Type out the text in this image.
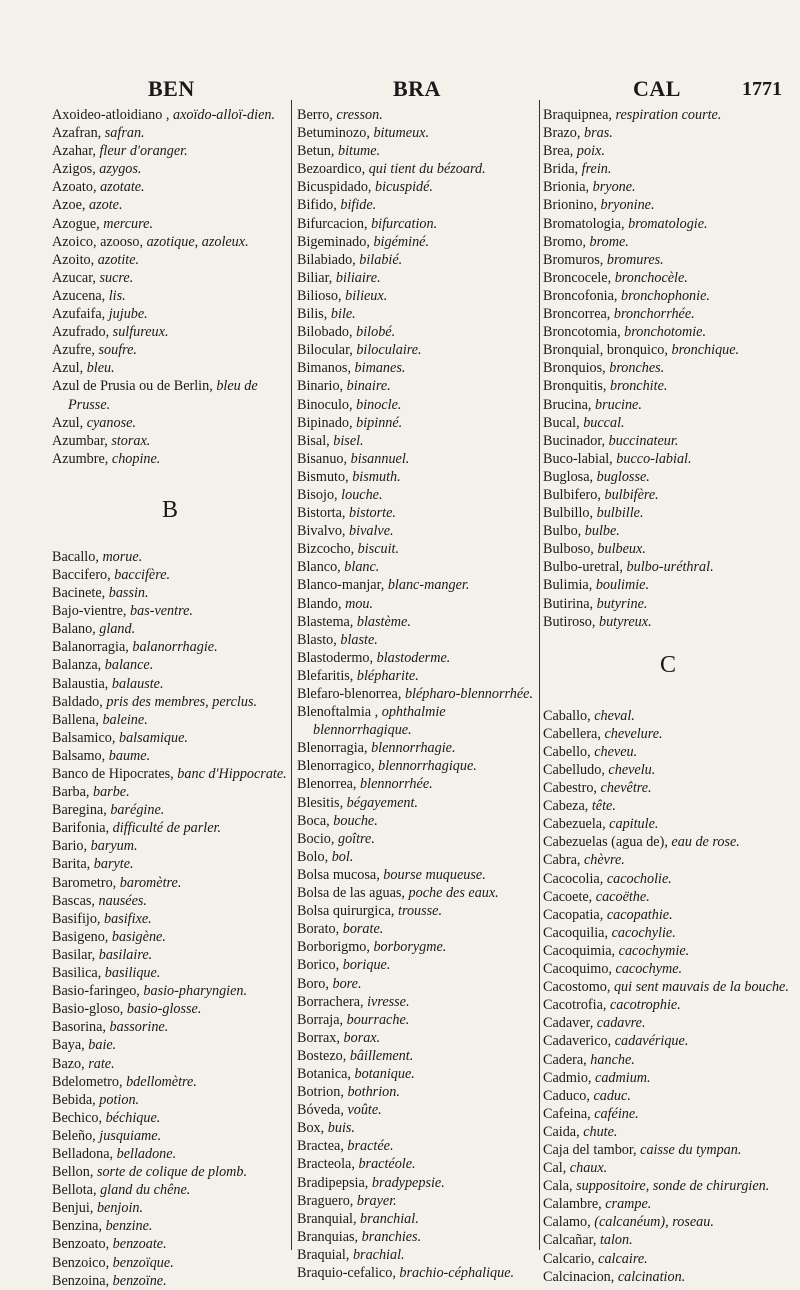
BEN	BRA	CAL	1771

Axoideo-atloidiano , axoïdo-alloï-dien.

Azafran, safran.

Azahar, fleur d'oranger.

Azigos, azygos.

Azoato, azotate.

Azoe, azote.

Azogue, mercure.

Azoico, azooso, azotique, azoleux.

Azoito, azotite.

Azucar, sucre.

Azucena, lis.

Azufaifa, jujube.

Azufrado, sulfureux.

Azufre, soufre.

Azul, bleu.

Azul de Prusia ou de Berlin, bleu de Prusse.

Azul, cyanose.

Azumbar, storax.

Azumbre, chopine.

B

Bacallo, morue.

Baccifero, baccifère.

Bacinete, bassin.

Bajo-vientre, bas-ventre.

Balano, gland.

Balanorragia, balanorrhagie.

Balanza, balance.

Balaustia, balauste.

Baldado, pris des membres, perclus.

Ballena, baleine.

Balsamico, balsamique.

Balsamo, baume.

Banco de Hipocrates, banc d'Hippocrate.

Barba, barbe.

Baregina, barégine.

Barifonia, difficulté de parler.

Bario, baryum.

Barita, baryte.

Barometro, baromètre.

Bascas, nausées.

Basifijo, basifixe.

Basigeno, basigène.

Basilar, basilaire.

Basilica, basilique.

Basio-faringeo, basio-pharyngien.

Basio-gloso, basio-glosse.

Basorina, bassorine.

Baya, baie.

Bazo, rate.

Bdelometro, bdellomètre.

Bebida, potion.

Bechico, béchique.

Beleño, jusquiame.

Belladona, belladone.

Bellon, sorte de colique de plomb.

Bellota, gland du chêne.

Benjui, benjoin.

Benzina, benzine.

Benzoato, benzoate.

Benzoico, benzoïque.

Benzoina, benzoïne.

Berro, cresson.

Betuminozo, bitumeux.

Betun, bitume.

Bezoardico, qui tient du bézoard.

Bicuspidado, bicuspidé.

Bifido, bifide.

Bifurcacion, bifurcation.

Bigeminado, bigéminé.

Bilabiado, bilabié.

Biliar, biliaire.

Bilioso, bilieux.

Bilis, bile.

Bilobado, bilobé.

Bilocular, biloculaire.

Bimanos, bimanes.

Binario, binaire.

Binoculo, binocle.

Bipinado, bipinné.

Bisal, bisel.

Bisanuo, bisannuel.

Bismuto, bismuth.

Bisojo, louche.

Bistorta, bistorte.

Bivalvo, bivalve.

Bizcocho, biscuit.

Blanco, blanc.

Blanco-manjar, blanc-manger.

Blando, mou.

Blastema, blastème.

Blasto, blaste.

Blastodermo, blastoderme.

Blefaritis, blépharite.

Blefaro-blenorrea, blépharo-blennorrhée.

Blenoftalmia , ophthalmie blennorrhagique.

Blenorragia, blennorrhagie.

Blenorragico, blennorrhagique.

Blenorrea, blennorrhée.

Blesitis, bégayement.

Boca, bouche.

Bocio, goître.

Bolo, bol.

Bolsa mucosa, bourse muqueuse.

Bolsa de las aguas, poche des eaux.

Bolsa quirurgica, trousse.

Borato, borate.

Borborigmo, borborygme.

Borico, borique.

Boro, bore.

Borrachera, ivresse.

Borraja, bourrache.

Borrax, borax.

Bostezo, bâillement.

Botanica, botanique.

Botrion, bothrion.

Bóveda, voûte.

Box, buis.

Bractea, bractée.

Bracteola, bractéole.

Bradipepsia, bradypepsie.

Braguero, brayer.

Branquial, branchial.

Branquias, branchies.

Braquial, brachial.

Braquio-cefalico, brachio-céphalique.

Braquipnea, respiration courte.

Brazo, bras.

Brea, poix.

Brida, frein.

Brionia, bryone.

Brionino, bryonine.

Bromatologia, bromatologie.

Bromo, brome.

Bromuros, bromures.

Broncocele, bronchocèle.

Broncofonia, bronchophonie.

Broncorrea, bronchorrhée.

Broncotomia, bronchotomie.

Bronquial, bronquico, bronchique.

Bronquios, bronches.

Bronquitis, bronchite.

Brucina, brucine.

Bucal, buccal.

Bucinador, buccinateur.

Buco-labial, bucco-labial.

Buglosa, buglosse.

Bulbifero, bulbifère.

Bulbillo, bulbille.

Bulbo, bulbe.

Bulboso, bulbeux.

Bulbo-uretral, bulbo-uréthral.

Bulimia, boulimie.

Butirina, butyrine.

Butiroso, butyreux.

C

Caballo, cheval.

Cabellera, chevelure.

Cabello, cheveu.

Cabelludo, chevelu.

Cabestro, chevêtre.

Cabeza, tête.

Cabezuela, capitule.

Cabezuelas (agua de), eau de rose.

Cabra, chèvre.

Cacocolia, cacocholie.

Cacoete, cacoëthe.

Cacopatia, cacopathie.

Cacoquilia, cacochylie.

Cacoquimia, cacochymie.

Cacoquimo, cacochyme.

Cacostomo, qui sent mauvais de la bouche.

Cacotrofia, cacotrophie.

Cadaver, cadavre.

Cadaverico, cadavérique.

Cadera, hanche.

Cadmio, cadmium.

Caduco, caduc.

Cafeina, caféine.

Caida, chute.

Caja del tambor, caisse du tympan.

Cal, chaux.

Cala, suppositoire, sonde de chirurgien.

Calambre, crampe.

Calamo, (calcanéum), roseau.

Calcañar, talon.

Calcario, calcaire.

Calcinacion, calcination.
